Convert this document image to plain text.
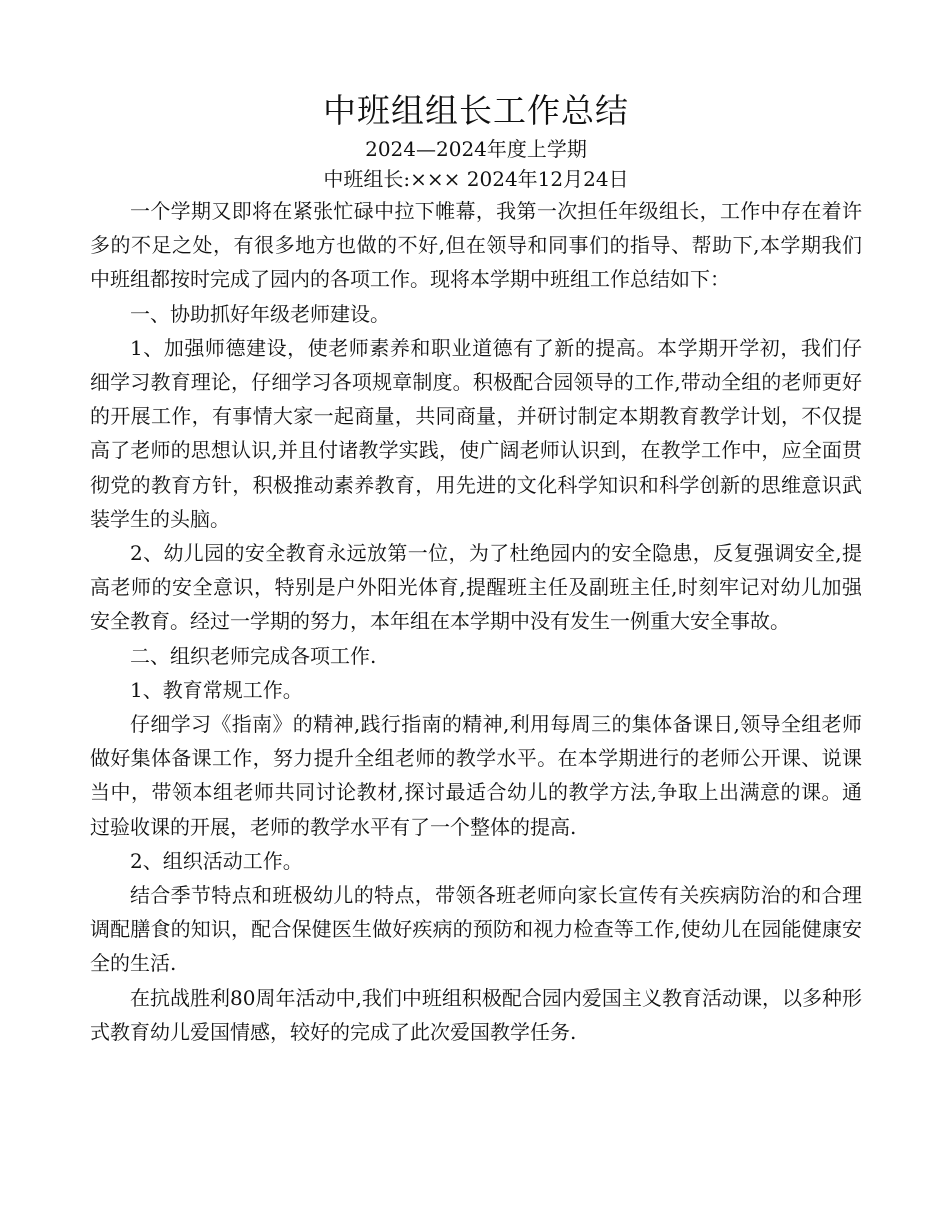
中班组组长工作总结

2024—2024年度上学期

中班组长:××× 2024年12月24日

一个学期又即将在紧张忙碌中拉下帷幕，我第一次担任年级组长，工作中存在着许多的不足之处，有很多地方也做的不好,但在领导和同事们的指导、帮助下,本学期我们中班组都按时完成了园内的各项工作。现将本学期中班组工作总结如下：

一、协助抓好年级老师建设。

1、加强师德建设，使老师素养和职业道德有了新的提高。本学期开学初，我们仔细学习教育理论，仔细学习各项规章制度。积极配合园领导的工作,带动全组的老师更好的开展工作，有事情大家一起商量，共同商量，并研讨制定本期教育教学计划，不仅提高了老师的思想认识,并且付诸教学实践，使广阔老师认识到，在教学工作中，应全面贯彻党的教育方针，积极推动素养教育，用先进的文化科学知识和科学创新的思维意识武装学生的头脑。

2、幼儿园的安全教育永远放第一位，为了杜绝园内的安全隐患，反复强调安全,提高老师的安全意识，特别是户外阳光体育,提醒班主任及副班主任,时刻牢记对幼儿加强安全教育。经过一学期的努力，本年组在本学期中没有发生一例重大安全事故。

二、组织老师完成各项工作.

1、教育常规工作。

仔细学习《指南》的精神,践行指南的精神,利用每周三的集体备课日,领导全组老师做好集体备课工作，努力提升全组老师的教学水平。在本学期进行的老师公开课、说课当中，带领本组老师共同讨论教材,探讨最适合幼儿的教学方法,争取上出满意的课。通过验收课的开展，老师的教学水平有了一个整体的提高.

2、组织活动工作。

结合季节特点和班极幼儿的特点，带领各班老师向家长宣传有关疾病防治的和合理调配膳食的知识，配合保健医生做好疾病的预防和视力检查等工作,使幼儿在园能健康安全的生活.

在抗战胜利80周年活动中,我们中班组积极配合园内爱国主义教育活动课，以多种形式教育幼儿爱国情感，较好的完成了此次爱国教学任务.
